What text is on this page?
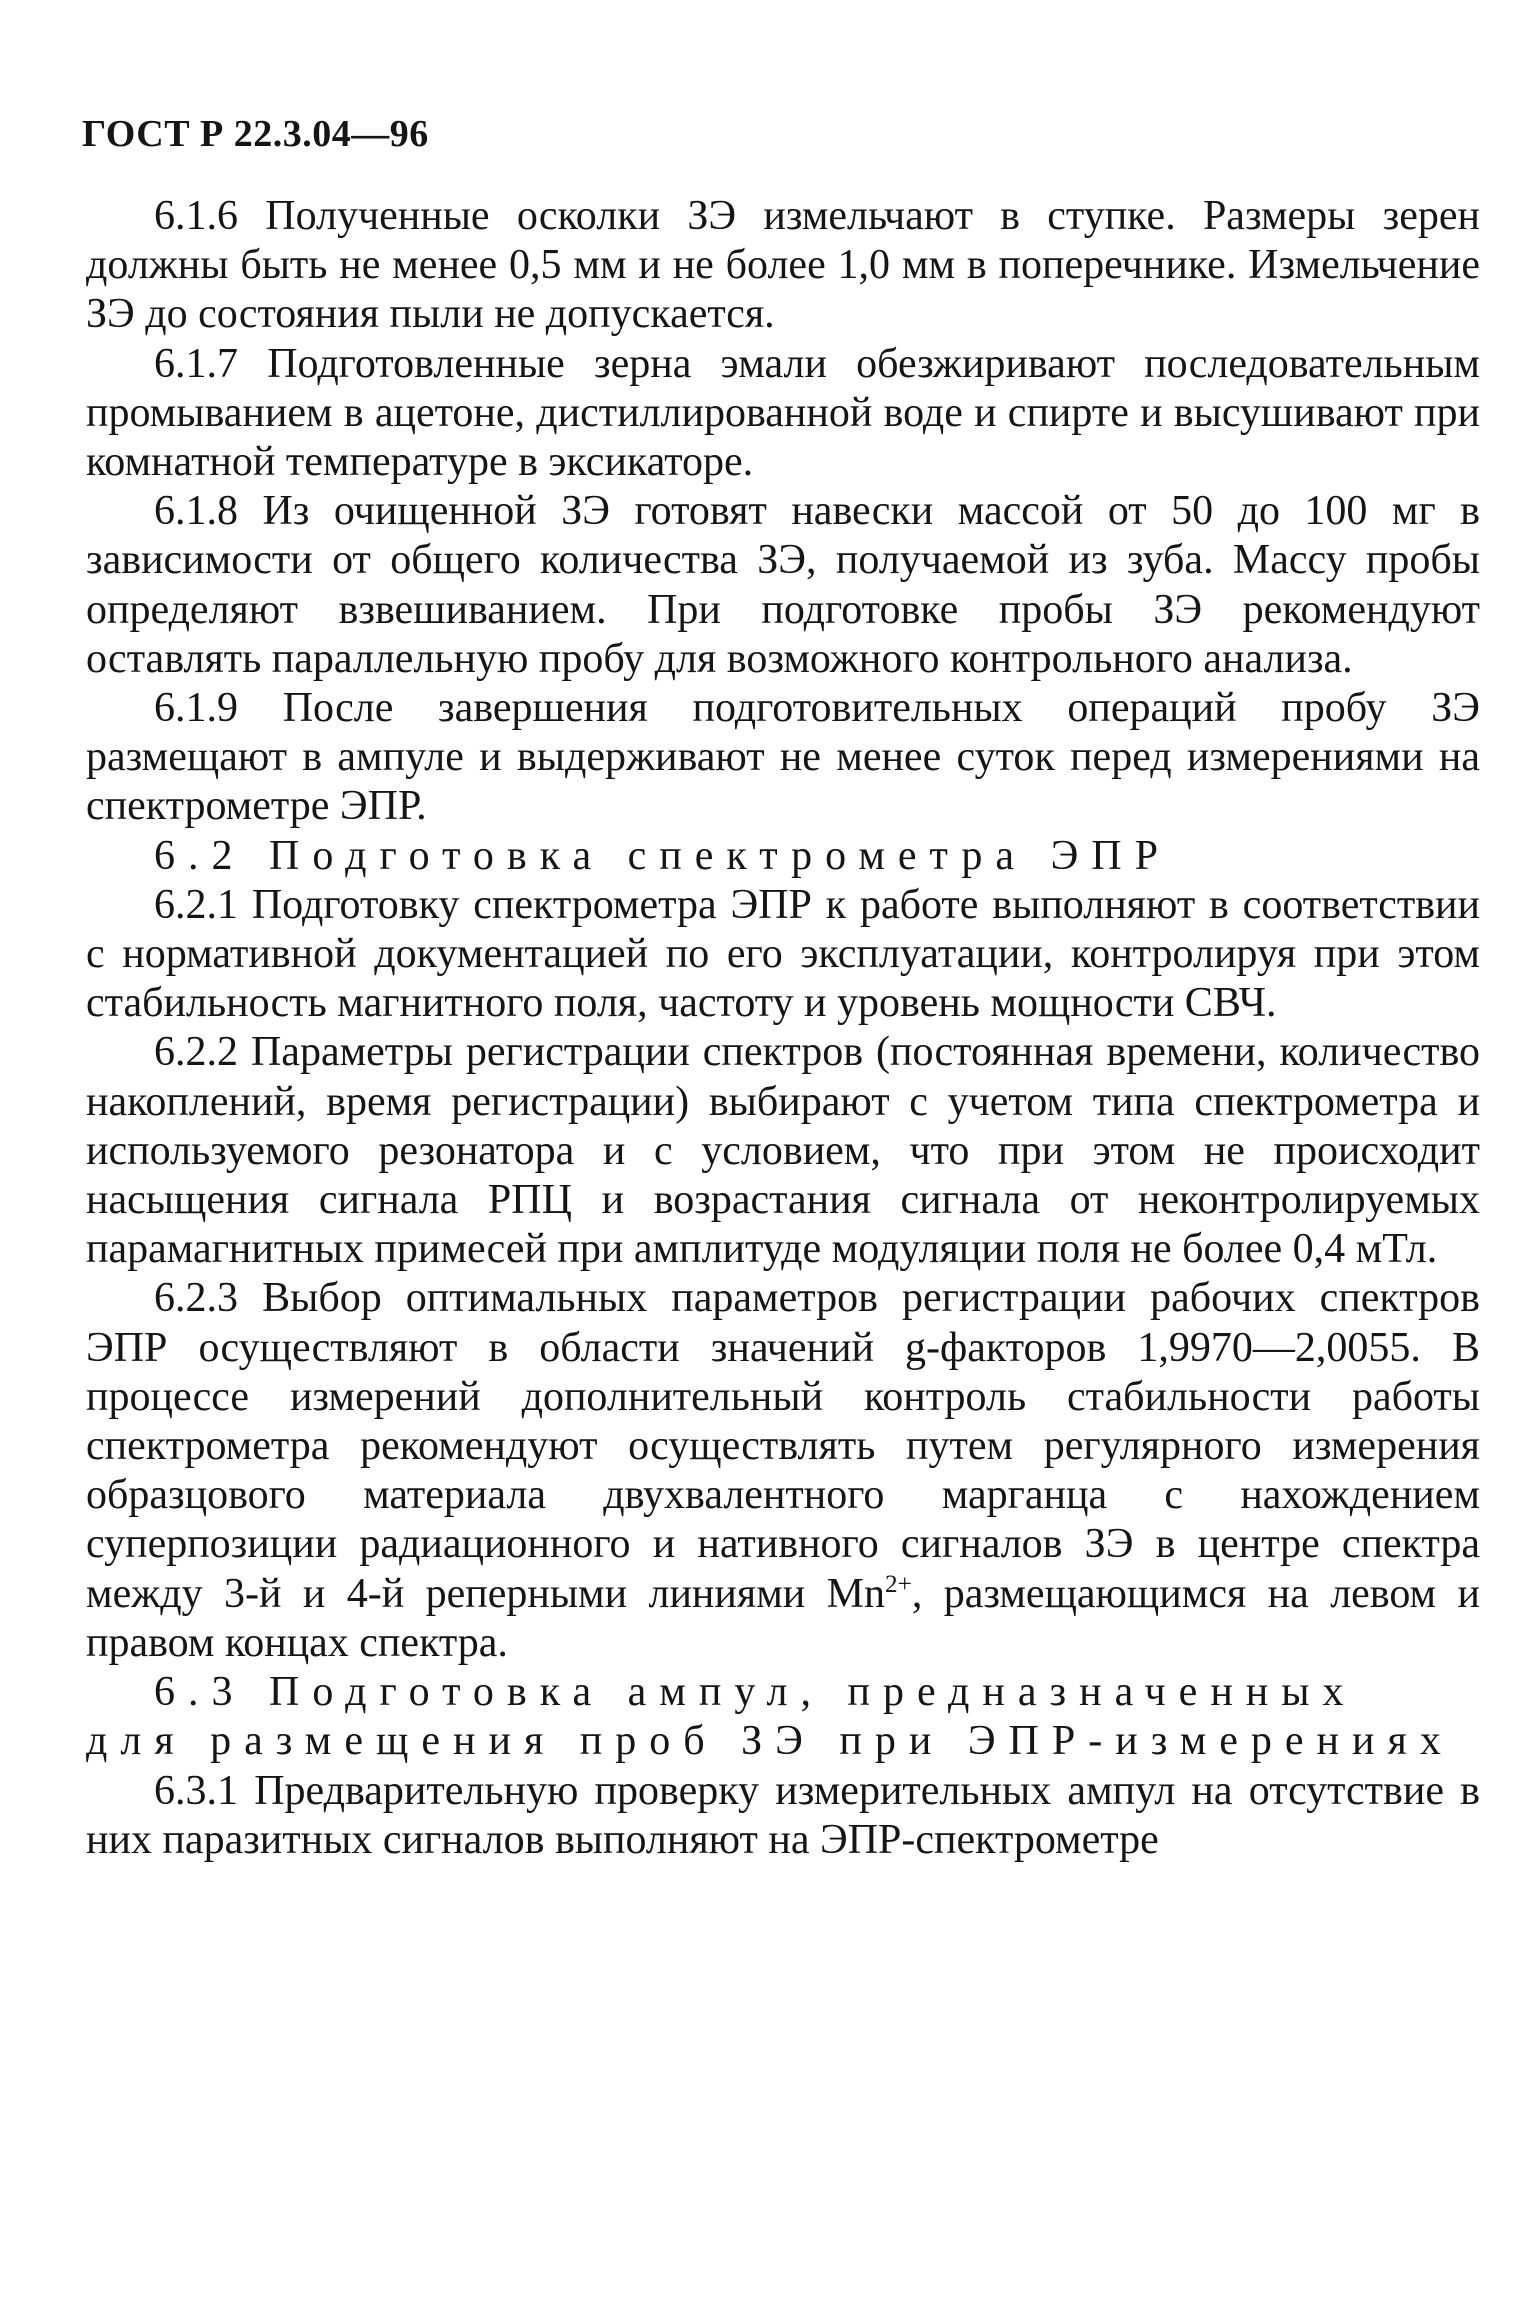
ГОСТ Р 22.3.04—96

6.1.6 Полученные осколки ЗЭ измельчают в ступке. Размеры зерен должны быть не менее 0,5 мм и не более 1,0 мм в поперечнике. Измельчение ЗЭ до состояния пыли не допускается.

6.1.7 Подготовленные зерна эмали обезжиривают последовательным промыванием в ацетоне, дистиллированной воде и спирте и высушивают при комнатной температуре в эксикаторе.

6.1.8 Из очищенной ЗЭ готовят навески массой от 50 до 100 мг в зависимости от общего количества ЗЭ, получаемой из зуба. Массу пробы определяют взвешиванием. При подготовке пробы ЗЭ рекомендуют оставлять параллельную пробу для возможного контрольного анализа.

6.1.9 После завершения подготовительных операций пробу ЗЭ размещают в ампуле и выдерживают не менее суток перед измерениями на спектрометре ЭПР.

6.2 Подготовка спектрометра ЭПР

6.2.1 Подготовку спектрометра ЭПР к работе выполняют в соответствии с нормативной документацией по его эксплуатации, контролируя при этом стабильность магнитного поля, частоту и уровень мощности СВЧ.

6.2.2 Параметры регистрации спектров (постоянная времени, количество накоплений, время регистрации) выбирают с учетом типа спектрометра и используемого резонатора и с условием, что при этом не происходит насыщения сигнала РПЦ и возрастания сигнала от неконтролируемых парамагнитных примесей при амплитуде модуляции поля не более 0,4 мТл.

6.2.3 Выбор оптимальных параметров регистрации рабочих спектров ЭПР осуществляют в области значений g-факторов 1,9970—2,0055. В процессе измерений дополнительный контроль стабильности работы спектрометра рекомендуют осуществлять путем регулярного измерения образцового материала двухвалентного марганца с нахождением суперпозиции радиационного и нативного сигналов ЗЭ в центре спектра между 3-й и 4-й реперными линиями $Mn^{2+}$, размещающимся на левом и правом концах спектра.

6.3 Подготовка ампул, предназначенных для размещения проб ЗЭ при ЭПР-измерениях

6.3.1 Предварительную проверку измерительных ампул на отсутствие в них паразитных сигналов выполняют на ЭПР-спектрометре
